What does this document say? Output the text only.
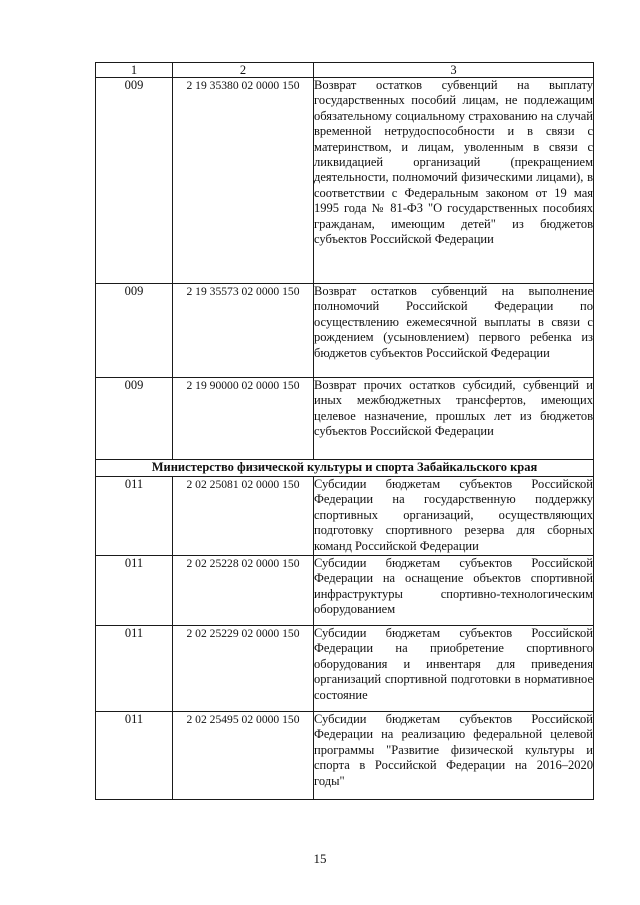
1	2	3
009	2 19 35380 02 0000 150	Возврат остатков субвенций на выплату государственных пособий лицам, не подлежащим обязательному социальному страхованию на случай временной нетрудоспособности и в связи с материнством, и лицам, уволенным в связи с ликвидацией организаций (прекращением деятельности, полномочий физическими лицами), в соответствии с Федеральным законом от 19 мая 1995 года № 81-ФЗ "О государственных пособиях гражданам, имеющим детей" из бюджетов субъектов Российской Федерации
009	2 19 35573 02 0000 150	Возврат остатков субвенций на выполнение полномочий Российской Федерации по осуществлению ежемесячной выплаты в связи с рождением (усыновлением) первого ребенка из бюджетов субъектов Российской Федерации
009	2 19 90000 02 0000 150	Возврат прочих остатков субсидий, субвенций и иных межбюджетных трансфертов, имеющих целевое назначение, прошлых лет из бюджетов субъектов Российской Федерации
Министерство физической культуры и спорта Забайкальского края		
011	2 02 25081 02 0000 150	Субсидии бюджетам субъектов Российской Федерации на государственную поддержку спортивных организаций, осуществляющих подготовку спортивного резерва для сборных команд Российской Федерации
011	2 02 25228 02 0000 150	Субсидии бюджетам субъектов Российской Федерации на оснащение объектов спортивной инфраструктуры спортивно-технологическим оборудованием
011	2 02 25229 02 0000 150	Субсидии бюджетам субъектов Российской Федерации на приобретение спортивного оборудования и инвентаря для приведения организаций спортивной подготовки в нормативное состояние
011	2 02 25495 02 0000 150	Субсидии бюджетам субъектов Российской Федерации на реализацию федеральной целевой программы "Развитие физической культуры и спорта в Российской Федерации на 2016–2020 годы"
15
